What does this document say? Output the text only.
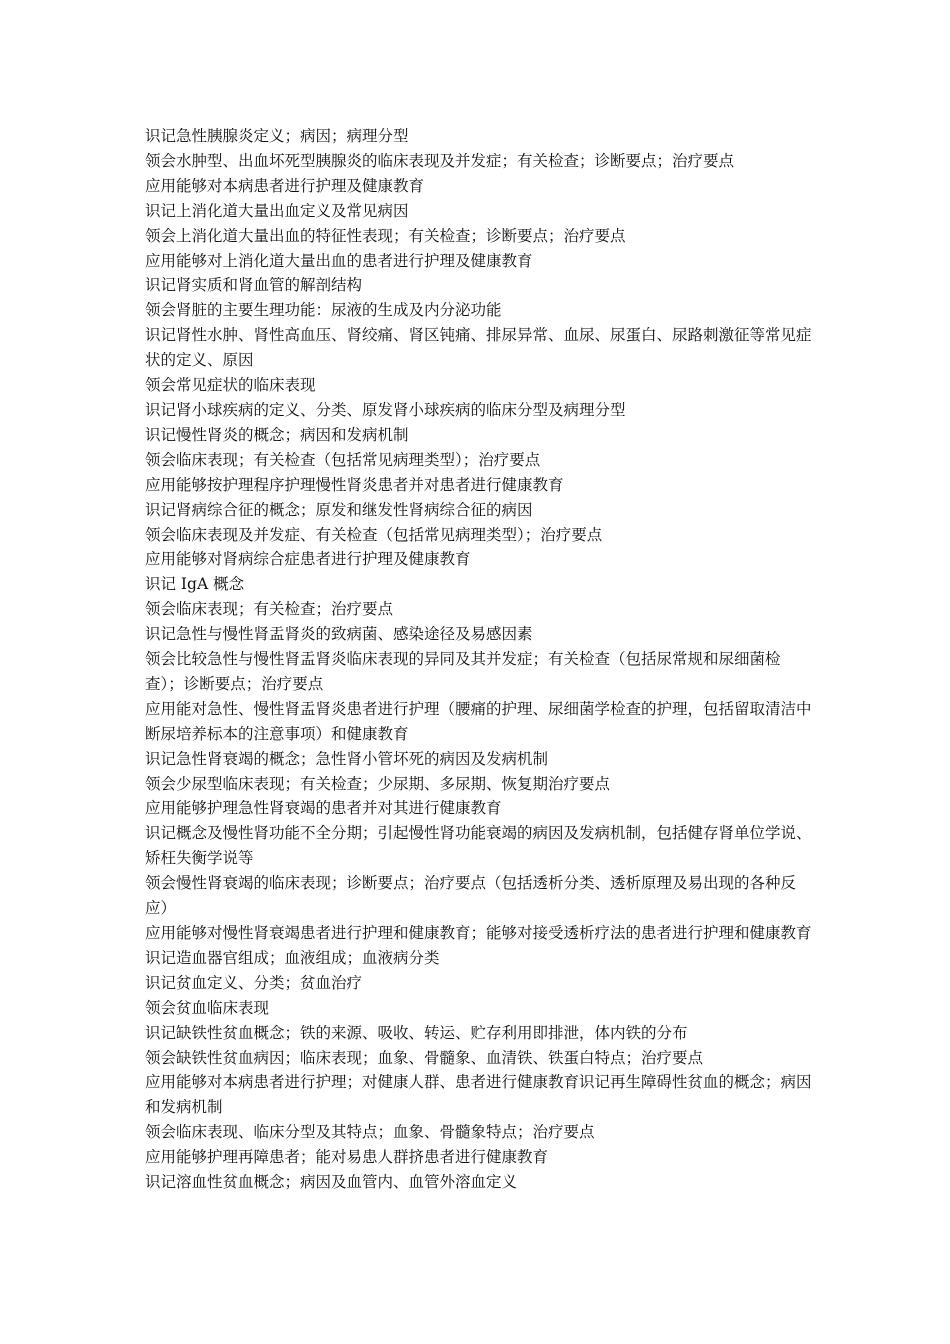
识记急性胰腺炎定义；病因；病理分型

领会水肿型、出血坏死型胰腺炎的临床表现及并发症；有关检查；诊断要点；治疗要点

应用能够对本病患者进行护理及健康教育

识记上消化道大量出血定义及常见病因

领会上消化道大量出血的特征性表现；有关检查；诊断要点；治疗要点

应用能够对上消化道大量出血的患者进行护理及健康教育

识记肾实质和肾血管的解剖结构

领会肾脏的主要生理功能：尿液的生成及内分泌功能

识记肾性水肿、肾性高血压、肾绞痛、肾区钝痛、排尿异常、血尿、尿蛋白、尿路刺激征等常见症状的定义、原因

领会常见症状的临床表现

识记肾小球疾病的定义、分类、原发肾小球疾病的临床分型及病理分型

识记慢性肾炎的概念；病因和发病机制

领会临床表现；有关检查（包括常见病理类型）；治疗要点

应用能够按护理程序护理慢性肾炎患者并对患者进行健康教育

识记肾病综合征的概念；原发和继发性肾病综合征的病因

领会临床表现及并发症、有关检查（包括常见病理类型）；治疗要点

应用能够对肾病综合症患者进行护理及健康教育

识记 IgA 概念

领会临床表现；有关检查；治疗要点

识记急性与慢性肾盂肾炎的致病菌、感染途径及易感因素

领会比较急性与慢性肾盂肾炎临床表现的异同及其并发症；有关检查（包括尿常规和尿细菌检查）；诊断要点；治疗要点

应用能对急性、慢性肾盂肾炎患者进行护理（腰痛的护理、尿细菌学检查的护理，包括留取清洁中断尿培养标本的注意事项）和健康教育

识记急性肾衰竭的概念；急性肾小管坏死的病因及发病机制

领会少尿型临床表现；有关检查；少尿期、多尿期、恢复期治疗要点

应用能够护理急性肾衰竭的患者并对其进行健康教育

识记概念及慢性肾功能不全分期；引起慢性肾功能衰竭的病因及发病机制，包括健存肾单位学说、矫枉失衡学说等

领会慢性肾衰竭的临床表现；诊断要点；治疗要点（包括透析分类、透析原理及易出现的各种反应）

应用能够对慢性肾衰竭患者进行护理和健康教育；能够对接受透析疗法的患者进行护理和健康教育

识记造血器官组成；血液组成；血液病分类

识记贫血定义、分类；贫血治疗

领会贫血临床表现

识记缺铁性贫血概念；铁的来源、吸收、转运、贮存利用即排泄，体内铁的分布

领会缺铁性贫血病因；临床表现；血象、骨髓象、血清铁、铁蛋白特点；治疗要点

应用能够对本病患者进行护理；对健康人群、患者进行健康教育识记再生障碍性贫血的概念；病因和发病机制

领会临床表现、临床分型及其特点；血象、骨髓象特点；治疗要点

应用能够护理再障患者；能对易患人群挤患者进行健康教育

识记溶血性贫血概念；病因及血管内、血管外溶血定义
